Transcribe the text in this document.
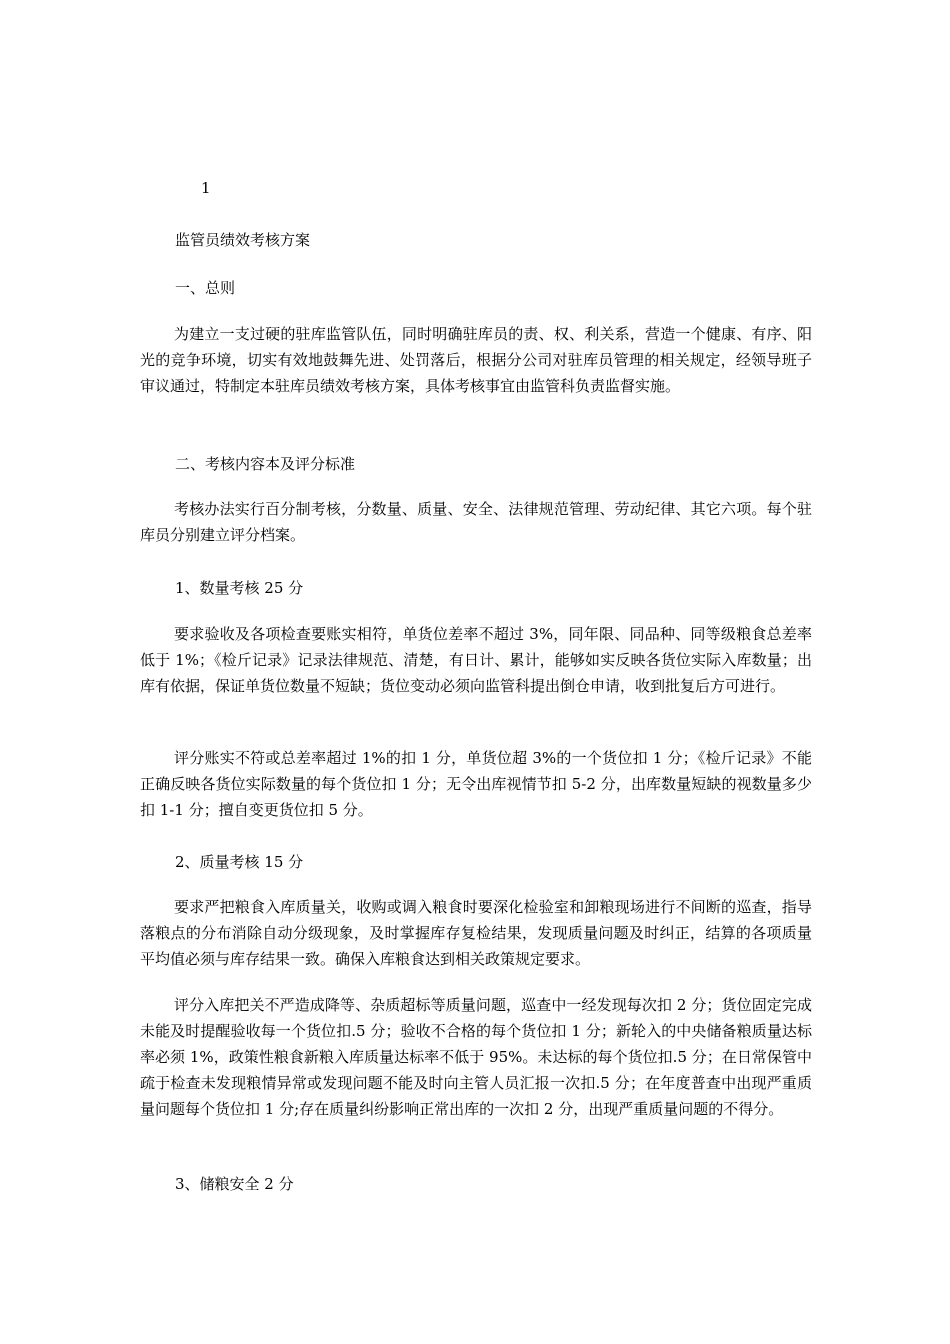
1
监管员绩效考核方案
一、总则
为建立一支过硬的驻库监管队伍，同时明确驻库员的责、权、利关系，营造一个健康、有序、阳光的竞争环境，切实有效地鼓舞先进、处罚落后，根据分公司对驻库员管理的相关规定，经领导班子审议通过，特制定本驻库员绩效考核方案，具体考核事宜由监管科负责监督实施。
二、考核内容本及评分标准
考核办法实行百分制考核，分数量、质量、安全、法律规范管理、劳动纪律、其它六项。每个驻库员分别建立评分档案。
1、数量考核 25 分
要求验收及各项检查要账实相符，单货位差率不超过 3%，同年限、同品种、同等级粮食总差率低于 1%；《检斤记录》记录法律规范、清楚，有日计、累计，能够如实反映各货位实际入库数量；出库有依据，保证单货位数量不短缺；货位变动必须向监管科提出倒仓申请，收到批复后方可进行。
评分账实不符或总差率超过 1%的扣 1 分，单货位超 3%的一个货位扣 1 分；《检斤记录》不能正确反映各货位实际数量的每个货位扣 1 分；无令出库视情节扣 5-2 分，出库数量短缺的视数量多少扣 1-1 分；擅自变更货位扣 5 分。
2、质量考核 15 分
要求严把粮食入库质量关，收购或调入粮食时要深化检验室和卸粮现场进行不间断的巡查，指导落粮点的分布消除自动分级现象，及时掌握库存复检结果，发现质量问题及时纠正，结算的各项质量平均值必须与库存结果一致。确保入库粮食达到相关政策规定要求。
评分入库把关不严造成降等、杂质超标等质量问题，巡查中一经发现每次扣 2 分；货位固定完成未能及时提醒验收每一个货位扣.5 分；验收不合格的每个货位扣 1 分；新轮入的中央储备粮质量达标率必须 1%，政策性粮食新粮入库质量达标率不低于 95%。未达标的每个货位扣.5 分；在日常保管中疏于检查未发现粮情异常或发现问题不能及时向主管人员汇报一次扣.5 分；在年度普查中出现严重质量问题每个货位扣 1 分;存在质量纠纷影响正常出库的一次扣 2 分，出现严重质量问题的不得分。
3、储粮安全 2 分
